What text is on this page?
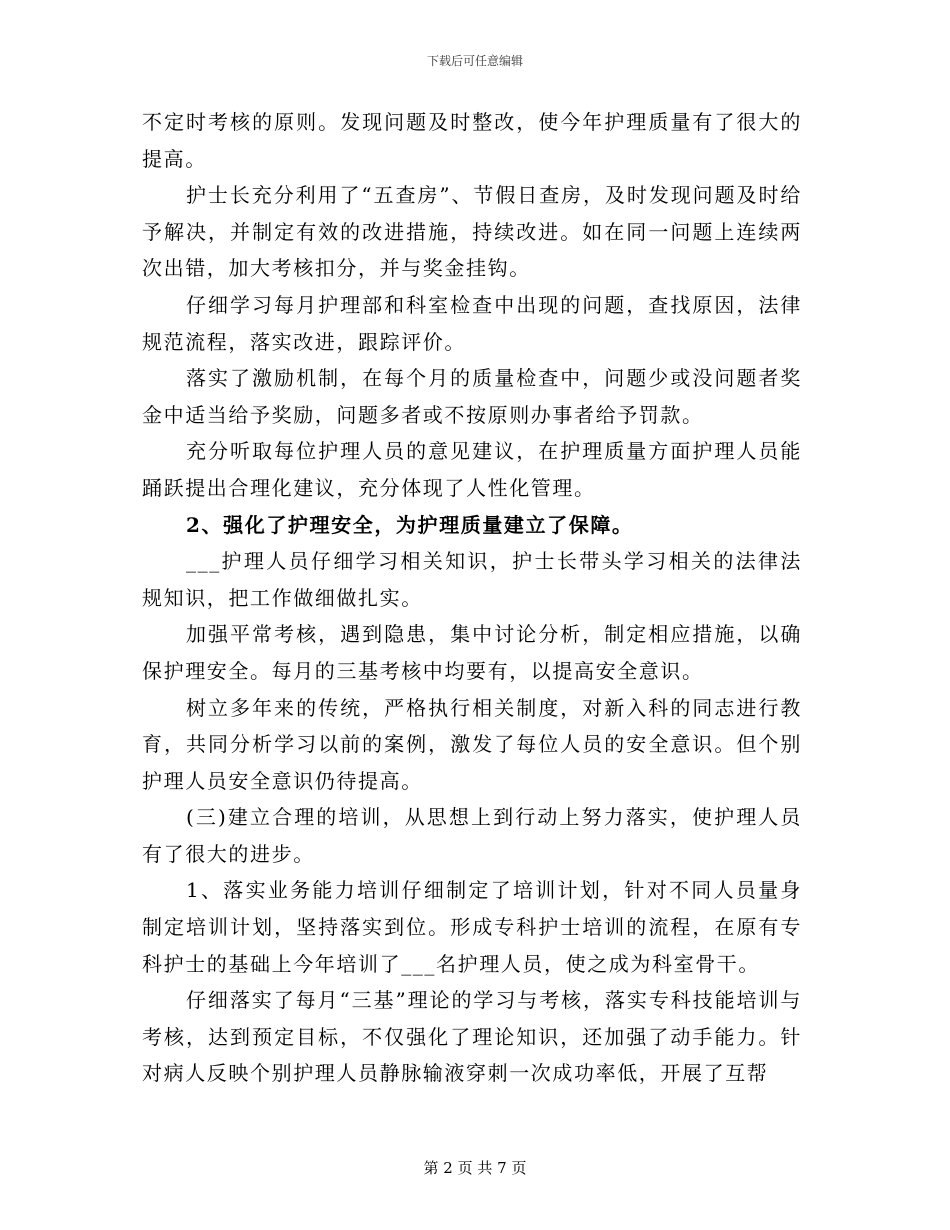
下载后可任意编辑

不定时考核的原则。发现问题及时整改，使今年护理质量有了很大的提高。

护士长充分利用了“五查房”、节假日查房，及时发现问题及时给予解决，并制定有效的改进措施，持续改进。如在同一问题上连续两次出错，加大考核扣分，并与奖金挂钩。

仔细学习每月护理部和科室检查中出现的问题，查找原因，法律规范流程，落实改进，跟踪评价。

落实了激励机制，在每个月的质量检查中，问题少或没问题者奖金中适当给予奖励，问题多者或不按原则办事者给予罚款。

充分听取每位护理人员的意见建议，在护理质量方面护理人员能踊跃提出合理化建议，充分体现了人性化管理。

2、强化了护理安全，为护理质量建立了保障。

___护理人员仔细学习相关知识，护士长带头学习相关的法律法规知识，把工作做细做扎实。

加强平常考核，遇到隐患，集中讨论分析，制定相应措施，以确保护理安全。每月的三基考核中均要有，以提高安全意识。

树立多年来的传统，严格执行相关制度，对新入科的同志进行教育，共同分析学习以前的案例，激发了每位人员的安全意识。但个别护理人员安全意识仍待提高。

(三)建立合理的培训，从思想上到行动上努力落实，使护理人员有了很大的进步。

1、落实业务能力培训仔细制定了培训计划，针对不同人员量身制定培训计划，坚持落实到位。形成专科护士培训的流程，在原有专科护士的基础上今年培训了___名护理人员，使之成为科室骨干。

仔细落实了每月“三基”理论的学习与考核，落实专科技能培训与考核，达到预定目标，不仅强化了理论知识，还加强了动手能力。针对病人反映个别护理人员静脉输液穿刺一次成功率低，开展了互帮

第 2 页 共 7 页
